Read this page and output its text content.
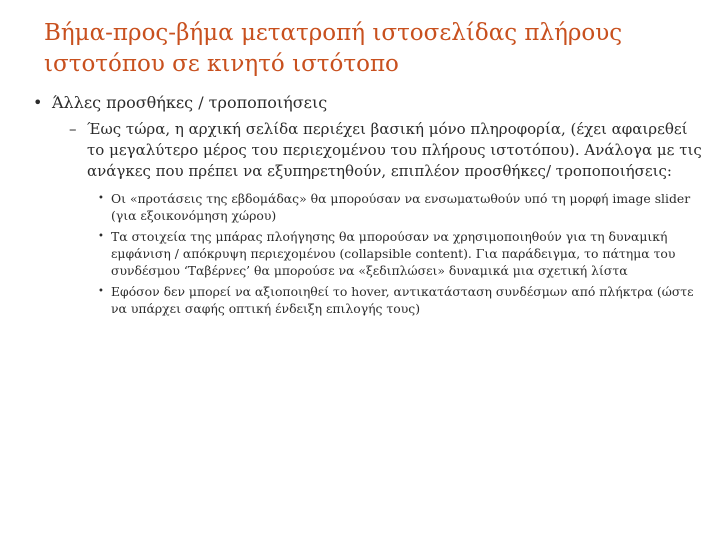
Βήμα-προς-βήμα μετατροπή ιστοσελίδας πλήρους ιστοτόπου σε κινητό ιστότοπο
• Άλλες προσθήκες / τροποποιήσεις
– Έως τώρα, η αρχική σελίδα περιέχει βασική μόνο πληροφορία, (έχει αφαιρεθεί το μεγαλύτερο μέρος του περιεχομένου του πλήρους ιστοτόπου). Ανάλογα με τις ανάγκες που πρέπει να εξυπηρετηθούν, επιπλέον προσθήκες/ τροποποιήσεις:
• Οι «προτάσεις της εβδομάδας» θα μπορούσαν να ενσωματωθούν υπό τη μορφή image slider (για εξοικονόμηση χώρου)
• Τα στοιχεία της μπάρας πλοήγησης θα μπορούσαν να χρησιμοποιηθούν για τη δυναμική εμφάνιση / απόκρυψη περιεχομένου (collapsible content). Για παράδειγμα, το πάτημα του συνδέσμου ‘Ταβέρνες’ θα μπορούσε να «ξεδιπλώσει» δυναμικά μια σχετική λίστα
• Εφόσον δεν μπορεί να αξιοποιηθεί το hover, αντικατάσταση συνδέσμων από πλήκτρα (ώστε να υπάρχει σαφής οπτική ένδειξη επιλογής τους)
